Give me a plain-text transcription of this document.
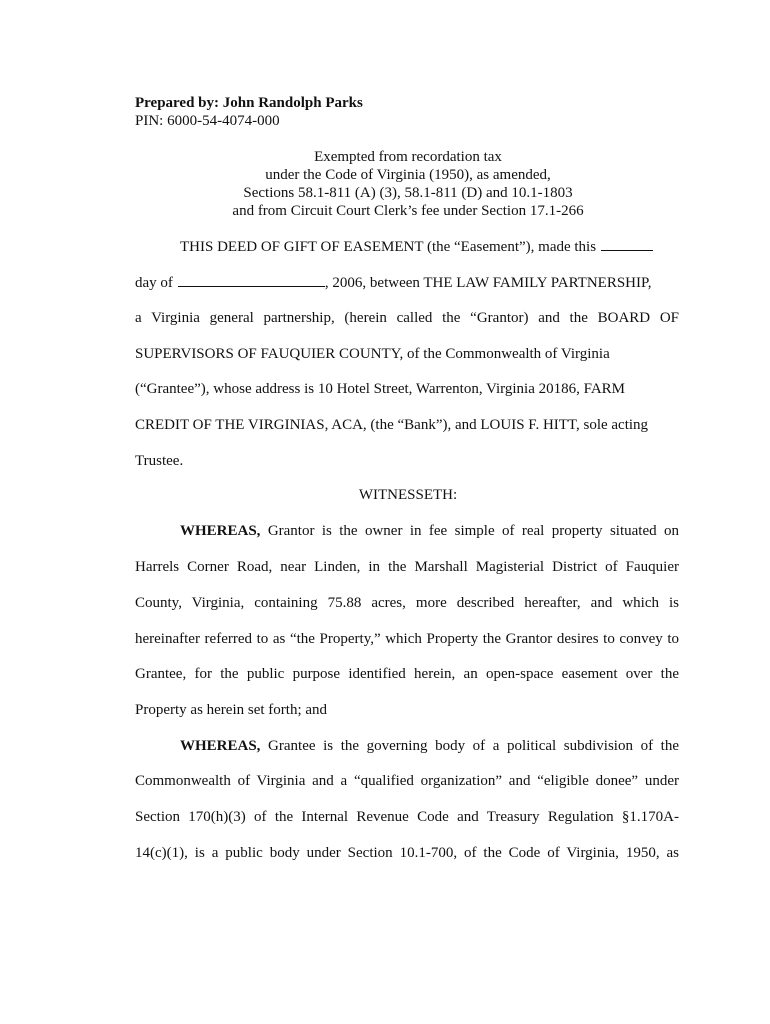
Prepared by: John Randolph Parks
PIN: 6000-54-4074-000
Exempted from recordation tax
under the Code of Virginia (1950), as amended,
Sections 58.1-811 (A) (3), 58.1-811 (D) and 10.1-1803
and from Circuit Court Clerk’s fee under Section 17.1-266
THIS DEED OF GIFT OF EASEMENT (the “Easement”), made this
day of	, 2006, between THE LAW FAMILY PARTNERSHIP,
a Virginia general partnership, (herein called the “Grantor) and the BOARD OF
SUPERVISORS OF FAUQUIER COUNTY, of the Commonwealth of Virginia
(“Grantee”), whose address is 10 Hotel Street, Warrenton, Virginia 20186, FARM
CREDIT OF THE VIRGINIAS, ACA, (the “Bank”), and LOUIS F. HITT, sole acting
Trustee.
WITNESSETH:
WHEREAS, Grantor is the owner in fee simple of real property situated on
Harrels Corner Road, near Linden, in the Marshall Magisterial District of Fauquier
County, Virginia, containing 75.88 acres, more described hereafter, and which is
hereinafter referred to as “the Property,” which Property the Grantor desires to convey to
Grantee, for the public purpose identified herein, an open-space easement over the
Property as herein set forth; and
WHEREAS, Grantee is the governing body of a political subdivision of the
Commonwealth of Virginia and a “qualified organization” and “eligible donee” under
Section 170(h)(3) of the Internal Revenue Code and Treasury Regulation §1.170A-
14(c)(1), is a public body under Section 10.1-700, of the Code of Virginia, 1950, as
